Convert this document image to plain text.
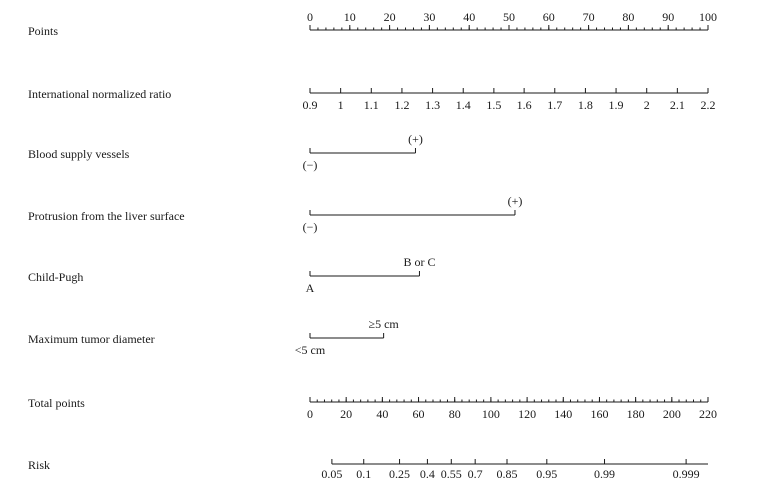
Points
0	10 20 30 40 50 60 70 80 90 100
International normalized ratio
0.9 1 1.1 1.2 1.3 1.4 1.5 1.6 1.7 1.8 1.9 2 2.1 2.2
Blood supply vessels
(+)
(−)
Protrusion from the liver surface
(+)
(−)
Child-Pugh
B or C
A
Maximum tumor diameter
≥5 cm
<5 cm
Total points
0 20 40 60 80 100 120 140 160 180 200 220
Risk
0.05 0.1 0.25 0.4 0.55 0.7 0.85 0.95	0.99	0.999
